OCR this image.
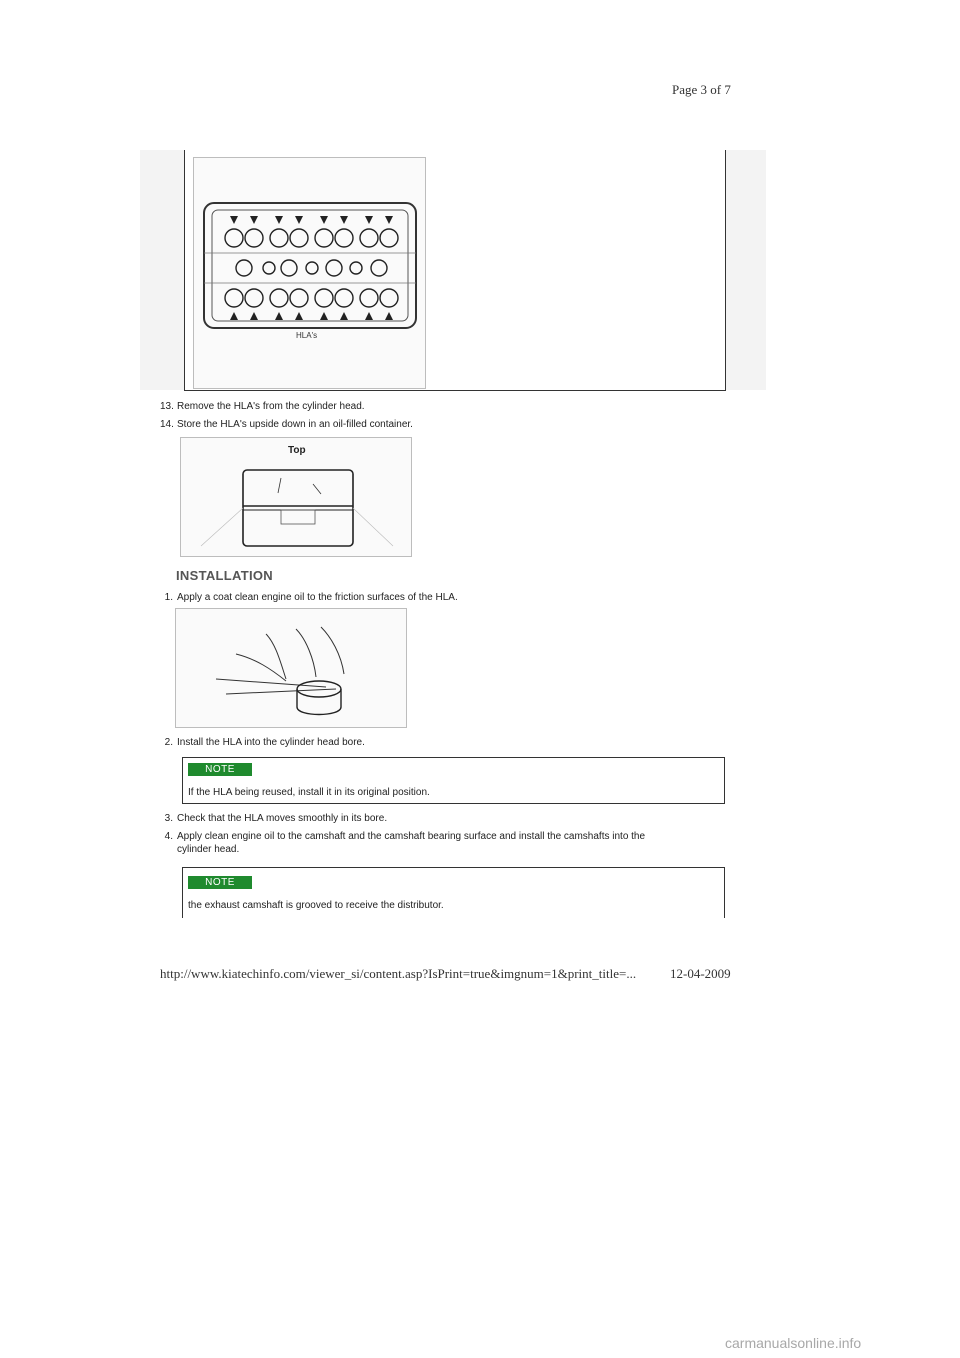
Page 3 of 7
HLA's
13. Remove the HLA's from the cylinder head.
14. Store the HLA's upside down in an oil-filled container.
Top
INSTALLATION
1. Apply a coat clean engine oil to the friction surfaces of the HLA.
2. Install the HLA into the cylinder head bore.
NOTE
If the HLA being reused, install it in its original position.
3. Check that the HLA moves smoothly in its bore.
4. Apply clean engine oil to the camshaft and the camshaft bearing surface and install the camshafts into the
cylinder head.
NOTE
the exhaust camshaft is grooved to receive the distributor.
http://www.kiatechinfo.com/viewer_si/content.asp?IsPrint=true&imgnum=1&print_title=...	12-04-2009
carmanualsonline.info
